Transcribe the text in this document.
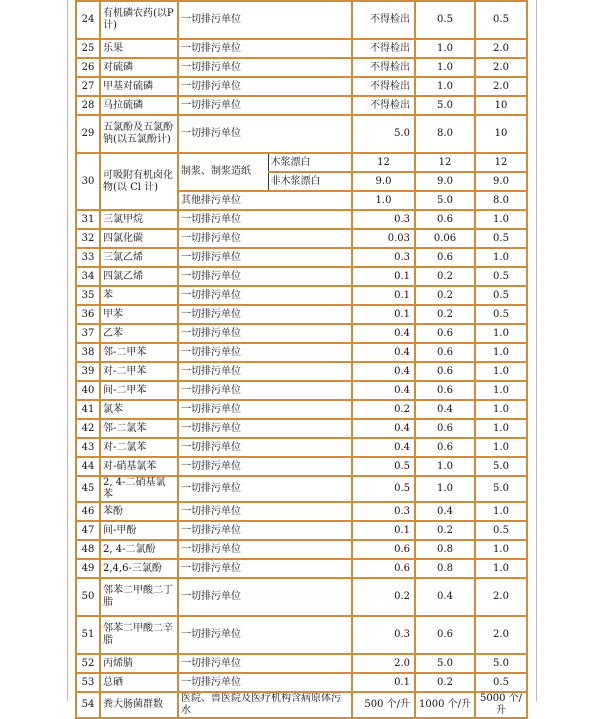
24	有机磷农药(以P计)	一切排污单位		不得检出	0.5	0.5
25	乐果	一切排污单位		不得检出	1.0	2.0
26	对硫磷	一切排污单位		不得检出	1.0	2.0
27	甲基对硫磷	一切排污单位		不得检出	1.0	2.0
28	马拉硫磷	一切排污单位		不得检出	5.0	10
29	五氯酚及五氯酚钠(以五氯酚计)	一切排污单位		5.0	8.0	10
30	可吸附有机卤化物(以 Cl 计)	制浆、制浆造纸	木浆漂白	12	12	12
			非木浆漂白	9.0	9.0	9.0
		其他排污单位		1.0	5.0	8.0
31	三氯甲烷	一切排污单位		0.3	0.6	1.0
32	四氯化碳	一切排污单位		0.03	0.06	0.5
33	三氯乙烯	一切排污单位		0.3	0.6	1.0
34	四氯乙烯	一切排污单位		0.1	0.2	0.5
35	苯	一切排污单位		0.1	0.2	0.5
36	甲苯	一切排污单位		0.1	0.2	0.5
37	乙苯	一切排污单位		0.4	0.6	1.0
38	邻-二甲苯	一切排污单位		0.4	0.6	1.0
39	对-二甲苯	一切排污单位		0.4	0.6	1.0
40	间-二甲苯	一切排污单位		0.4	0.6	1.0
41	氯苯	一切排污单位		0.2	0.4	1.0
42	邻-二氯苯	一切排污单位		0.4	0.6	1.0
43	对-二氯苯	一切排污单位		0.4	0.6	1.0
44	对-硝基氯苯	一切排污单位		0.5	1.0	5.0
45	2, 4-二硝基氯苯	一切排污单位		0.5	1.0	5.0
46	苯酚	一切排污单位		0.3	0.4	1.0
47	间-甲酚	一切排污单位		0.1	0.2	0.5
48	2, 4-二氯酚	一切排污单位		0.6	0.8	1.0
49	2,4,6-三氯酚	一切排污单位		0.6	0.8	1.0
50	邻苯二甲酸二丁脂	一切排污单位		0.2	0.4	2.0
51	邻苯二甲酸二辛脂	一切排污单位		0.3	0.6	2.0
52	丙烯腈	一切排污单位		2.0	5.0	5.0
53	总硒	一切排污单位		0.1	0.2	0.5
54	粪大肠菌群数	医院、兽医院及医疗机构含病原体污水		500 个/升	1000 个/升	5000 个/升
